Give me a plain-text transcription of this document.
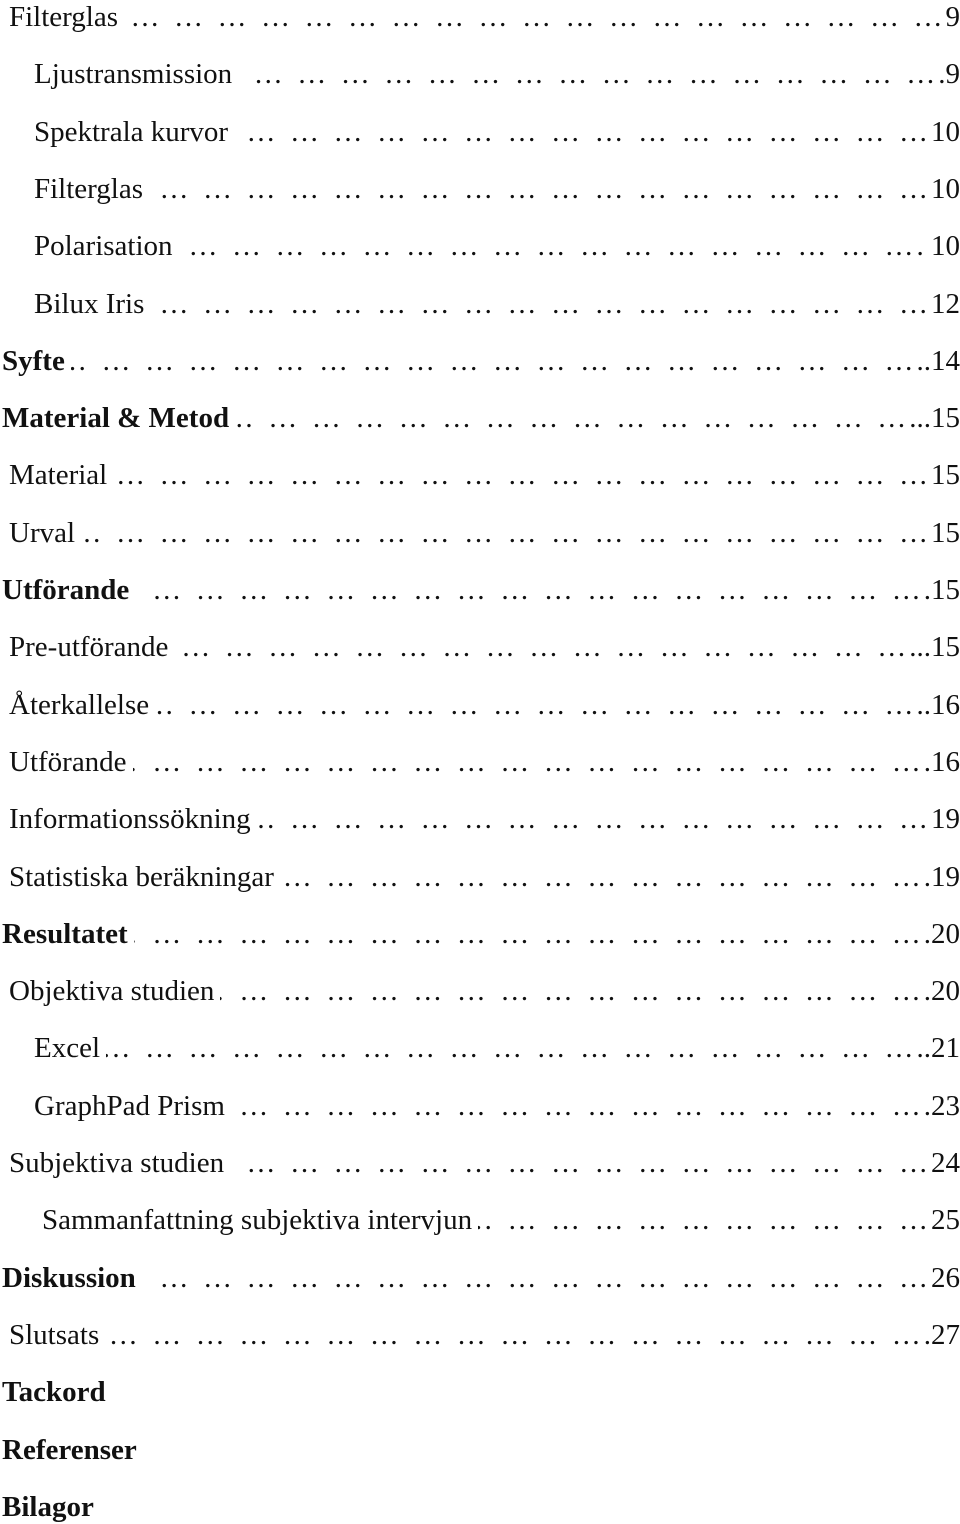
Filterglas …  …  …  …  …  …  …  …  …  …  …  …  …  …  …  …  …  …  …  …  …  …  …  …  …  …  …  …	9
Ljustransmission …  …  …  …  …  …  …  …  …  …  …  …  …  …  …  …  …  …  …  …  …  …  …  …  …  …  …  …	.9
Spektrala kurvor …  …  …  …  …  …  …  …  …  …  …  …  …  …  …  …  …  …  …  …  …  …  …  …  …  …  …  …	10
Filterglas …  …  …  …  …  …  …  …  …  …  …  …  …  …  …  …  …  …  …  …  …  …  …  …  …  …  …  …	10
Polarisation …  …  …  …  …  …  …  …  …  …  …  …  …  …  …  …  …  …  …  …  …  …  …  …  …  …  …  …	. 10
Bilux Iris …  …  …  …  …  …  …  …  …  …  …  …  …  …  …  …  …  …  …  …  …  …  …  …  …  …  …  …	12
Syfte …  …  …  …  …  …  …  …  …  …  …  …  …  …  …  …  …  …  …  …  …  …  …  …  …  …  …  …	..14
Material & Metod …  …  …  …  …  …  …  …  …  …  …  …  …  …  …  …  …  …  …  …  …  …  …  …  …  …  …  …	...15
Material …  …  …  …  …  …  …  …  …  …  …  …  …  …  …  …  …  …  …  …  …  …  …  …  …  …  …  …	15
Urval …  …  …  …  …  …  …  …  …  …  …  …  …  …  …  …  …  …  …  …  …  …  …  …  …  …  …  …	15
Utförande …  …  …  …  …  …  …  …  …  …  …  …  …  …  …  …  …  …  …  …  …  …  …  …  …  …  …  …	.15
Pre-utförande …  …  …  …  …  …  …  …  …  …  …  …  …  …  …  …  …  …  …  …  …  …  …  …  …  …  …  …	...15
Återkallelse …  …  …  …  …  …  …  …  …  …  …  …  …  …  …  …  …  …  …  …  …  …  …  …  …  …  …  …	..16
Utförande …  …  …  …  …  …  …  …  …  …  …  …  …  …  …  …  …  …  …  …  …  …  …  …  …  …  …  …	.16
Informationssökning …  …  …  …  …  …  …  …  …  …  …  …  …  …  …  …  …  …  …  …  …  …  …  …  …  …  …  …	19
Statistiska beräkningar …  …  …  …  …  …  …  …  …  …  …  …  …  …  …  …  …  …  …  …  …  …  …  …  …  …  …  …	.19
Resultatet …  …  …  …  …  …  …  …  …  …  …  …  …  …  …  …  …  …  …  …  …  …  …  …  …  …  …  …	.20
Objektiva studien …  …  …  …  …  …  …  …  …  …  …  …  …  …  …  …  …  …  …  …  …  …  …  …  …  …  …  …	.20
Excel …  …  …  …  …  …  …  …  …  …  …  …  …  …  …  …  …  …  …  …  …  …  …  …  …  …  …  …	..21
GraphPad Prism …  …  …  …  …  …  …  …  …  …  …  …  …  …  …  …  …  …  …  …  …  …  …  …  …  …  …  …	.23
Subjektiva studien …  …  …  …  …  …  …  …  …  …  …  …  …  …  …  …  …  …  …  …  …  …  …  …  …  …  …  …	24
Sammanfattning subjektiva intervjun …  …  …  …  …  …  …  …  …  …  …  …  …  …  …  …  …  …  …  …  …  …  …  …  …  …  …  …	25
Diskussion …  …  …  …  …  …  …  …  …  …  …  …  …  …  …  …  …  …  …  …  …  …  …  …  …  …  …  …	26
Slutsats …  …  …  …  …  …  …  …  …  …  …  …  …  …  …  …  …  …  …  …  …  …  …  …  …  …  …  …	.27
Tackord
Referenser
Bilagor
